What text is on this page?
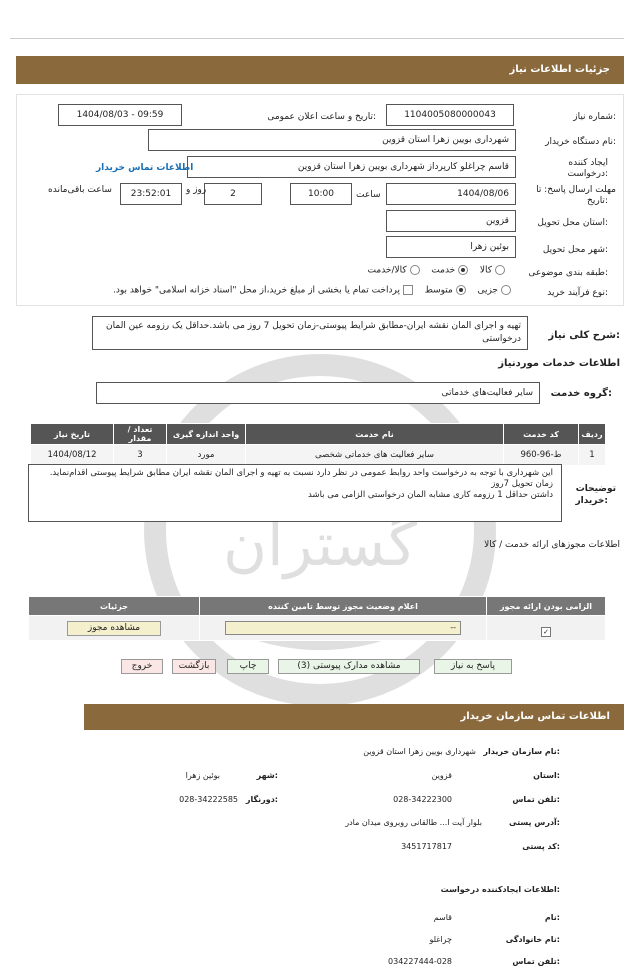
گستران
جزئیات اطلاعات نیاز
شماره نیاز:
1104005080000043
تاریخ و ساعت اعلان عمومی:
1404/08/03 - 09:59
نام دستگاه خریدار:
شهرداری بویین زهرا استان قزوین
ایجاد کننده
درخواست:
قاسم چراغلو کارپرداز شهرداری بویین زهرا استان قزوین
اطلاعات تماس خریدار
مهلت ارسال پاسخ: تا
تاریخ:
1404/08/06
ساعت
10:00
2
روز و
23:52:01
ساعت باقی‌مانده
استان محل تحویل:
قزوین
شهر محل تحویل:
بوئین زهرا
طبقه بندی موضوعی:
کالا   خدمت   کالا/خدمت
نوع فرآیند خرید:
جزیی   متوسط   پرداخت تمام یا بخشی از مبلغ خرید،از محل "اسناد خزانه اسلامی" خواهد بود.
شرح کلی نیاز:
تهیه و اجرای المان نقشه ایران-مطابق شرایط پیوستی-زمان تحویل 7 روز می باشد.حداقل یک رزومه عین المان درخواستی
اطلاعات خدمات موردنیاز
گروه خدمت:
سایر فعالیت‌های خدماتی
ردیف	کد خدمت	نام خدمت	واحد اندازه گیری	تعداد / مقدار	تاریخ نیاز
1	ط-96-960	سایر فعالیت های خدماتی شخصی	مورد	3	1404/08/12
توضیحات
خریدار:
این شهرداری با توجه به درخواست واحد روابط عمومی در نظر دارد نسبت به تهیه و اجرای المان نقشه ایران مطابق شرایط پیوستی اقدام‌نماید.
زمان تحویل 7روز
داشتن حداقل 1 رزومه کاری مشابه المان درخواستی الزامی می باشد
اطلاعات مجوزهای ارائه خدمت / کالا
الزامی بودن ارائه مجوز	اعلام وضعیت مجوز توسط تامین کننده	جزئیات
✓	--	مشاهده مجوز
پاسخ به نیاز
مشاهده مدارک پیوستی (3)
چاپ
بازگشت
خروج
اطلاعات تماس سازمان خریدار
نام سازمان خریدار:
شهرداری بویین زهرا استان قزوین
استان:
قزوین
شهر:
بوئین زهرا
تلفن تماس:
028-34222300
دورنگار:
028-34222585
آدرس پستی:
بلوار آیت ا... طالقانی روبروی میدان مادر
کد پستی:
3451717817
اطلاعات ایجادکننده درخواست:
نام:
قاسم
نام خانوادگی:
چراغلو
تلفن تماس:
034227444-028
